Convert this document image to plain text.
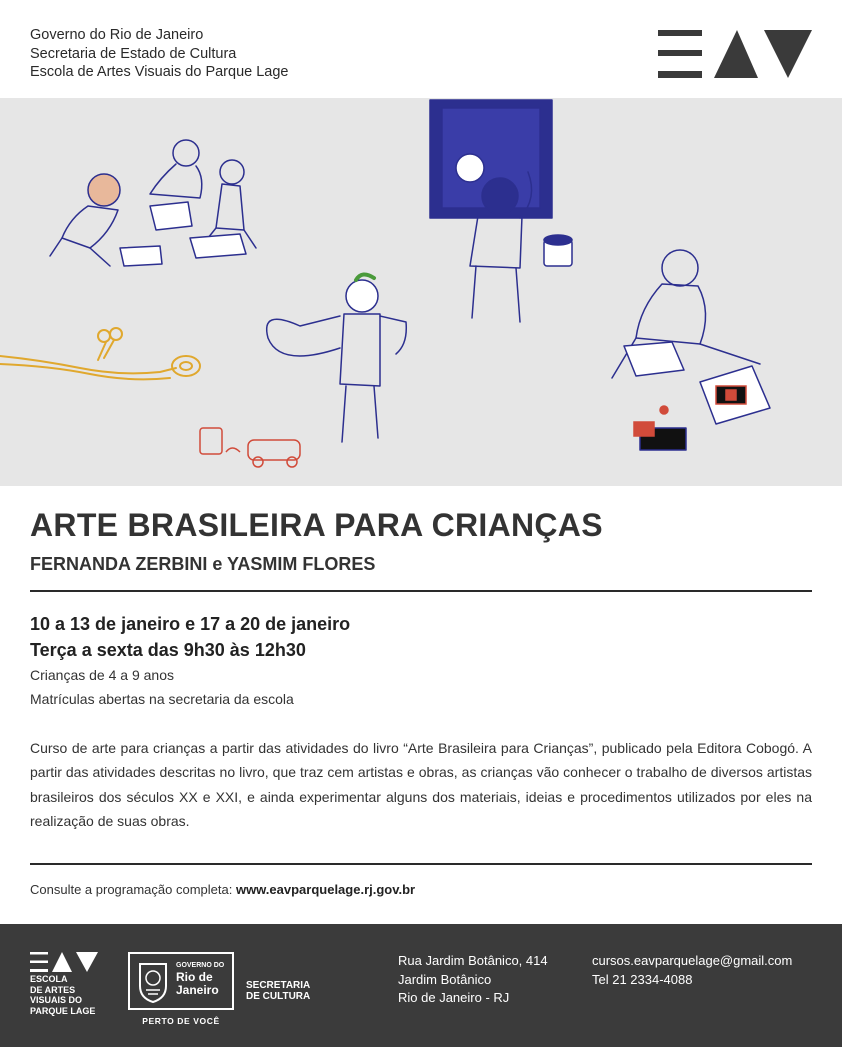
Governo do Rio de Janeiro
Secretaria de Estado de Cultura
Escola de Artes Visuais do Parque Lage
ARTE BRASILEIRA PARA CRIANÇAS
FERNANDA ZERBINI e YASMIM FLORES
10 a 13 de janeiro e 17 a 20 de janeiro
Terça a sexta das 9h30 às 12h30
Crianças de 4 a 9 anos
Matrículas abertas na secretaria da escola

Curso de arte para crianças a partir das atividades do livro “Arte Brasileira para Crianças”, publicado pela Editora Cobogó. A partir das atividades descritas no livro, que traz cem artistas e obras, as crianças vão conhecer o trabalho de diversos artistas brasileiros dos séculos XX e XXI, e ainda experimentar alguns dos materiais, ideias e procedimentos utilizados por eles na realização de suas obras.

Consulte a programação completa: www.eavparquelage.rj.gov.br
ESCOLA
DE ARTES
VISUAIS DO
PARQUE LAGE
GOVERNO DO
Rio de
Janeiro
PERTO DE VOCÊ
SECRETARIA
DE CULTURA
Rua Jardim Botânico, 414
Jardim Botânico
Rio de Janeiro - RJ
cursos.eavparquelage@gmail.com
Tel 21 2334-4088
